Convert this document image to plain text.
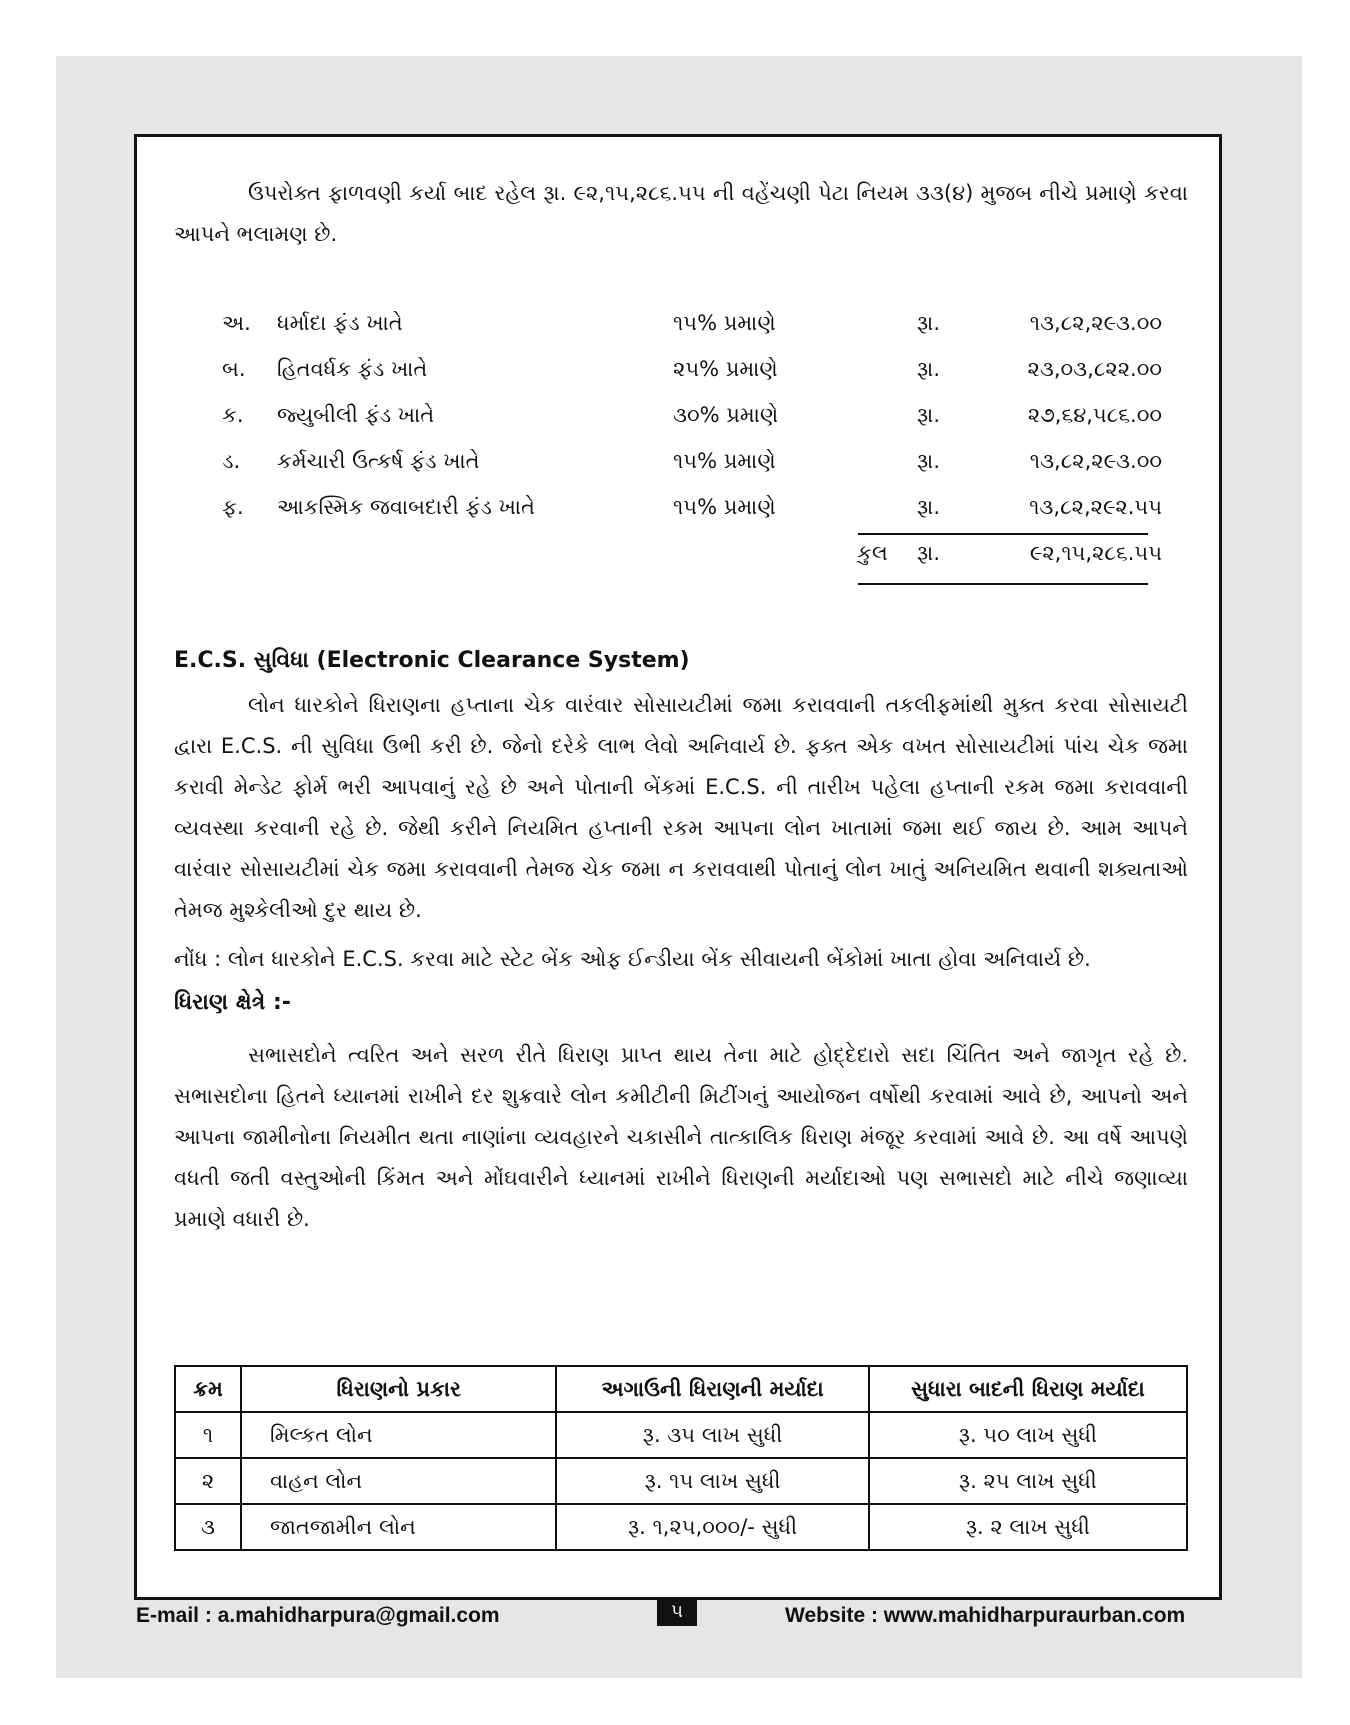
ઉપરોક્ત ફાળવણી કર્યા બાદ રહેલ રૂા. ૯૨,૧૫,૨૮૬.૫૫ ની વહેંચણી પેટા નિયમ ૩૩(૪) મુજબ નીચે પ્રમાણે કરવા આપને ભલામણ છે.

અ. ધર્માદા ફંડ ખાતે	૧૫% પ્રમાણે	રૂા.	૧૩,૮૨,૨૯૩.૦૦
બ. હિતવર્ધક ફંડ ખાતે	૨૫% પ્રમાણે	રૂા.	૨૩,૦૩,૮૨૨.૦૦
ક. જ્યુબીલી ફંડ ખાતે	૩૦% પ્રમાણે	રૂા.	૨૭,૬૪,૫૮૬.૦૦
ડ. કર્મચારી ઉત્કર્ષ ફંડ ખાતે	૧૫% પ્રમાણે	રૂા.	૧૩,૮૨,૨૯૩.૦૦
ફ. આકસ્મિક જવાબદારી ફંડ ખાતે	૧૫% પ્રમાણે	રૂા.	૧૩,૮૨,૨૯૨.૫૫
કુલ રૂા.	૯૨,૧૫,૨૮૬.૫૫
E.C.S. સુવિધા (Electronic Clearance System)

લોન ધારકોને ધિરાણના હપ્તાના ચેક વારંવાર સોસાયટીમાં જમા કરાવવાની તકલીફમાંથી મુક્ત કરવા સોસાયટી દ્વારા E.C.S. ની સુવિધા ઉભી કરી છે. જેનો દરેકે લાભ લેવો અનિવાર્ય છે. ફક્ત એક વખત સોસાયટીમાં પાંચ ચેક જમા કરાવી મેન્ડેટ ફોર્મ ભરી આપવાનું રહે છે અને પોતાની બેંકમાં E.C.S. ની તારીખ પહેલા હપ્તાની રકમ જમા કરાવવાની વ્યવસ્થા કરવાની રહે છે. જેથી કરીને નિયમિત હપ્તાની રકમ આપના લોન ખાતામાં જમા થઈ જાય છે. આમ આપને વારંવાર સોસાયટીમાં ચેક જમા કરાવવાની તેમજ ચેક જમા ન કરાવવાથી પોતાનું લોન ખાતું અનિયમિત થવાની શક્યતાઓ તેમજ મુશ્કેલીઓ દુર થાય છે.

નોંધ : લોન ધારકોને E.C.S. કરવા માટે સ્ટેટ બેંક ઓફ ઈન્ડીયા બેંક સીવાયની બેંકોમાં ખાતા હોવા અનિવાર્ય છે.

ધિરાણ ક્ષેત્રે :-

સભાસદોને ત્વરિત અને સરળ રીતે ધિરાણ પ્રાપ્ત થાય તેના માટે હોદ્દેદારો સદા ચિંતિત અને જાગૃત રહે છે. સભાસદોના હિતને ધ્યાનમાં રાખીને દર શુક્રવારે લોન કમીટીની મિટીંગનું આયોજન વર્ષોથી કરવામાં આવે છે, આપનો અને આપના જામીનોના નિયમીત થતા નાણાંના વ્યવહારને ચકાસીને તાત્કાલિક ધિરાણ મંજૂર કરવામાં આવે છે. આ વર્ષે આપણે વધતી જતી વસ્તુઓની કિંમત અને મોંઘવારીને ધ્યાનમાં રાખીને ધિરાણની મર્યાદાઓ પણ સભાસદો માટે નીચે જણાવ્યા પ્રમાણે વધારી છે.

ક્રમ	ધિરાણનો પ્રકાર	અગાઉની ધિરાણની મર્યાદા	સુધારા બાદની ધિરાણ મર્યાદા
૧	મિલ્કત લોન	રૂ. ૩૫ લાખ સુધી	રૂ. ૫૦ લાખ સુધી
૨	વાહન લોન	રૂ. ૧૫ લાખ સુધી	રૂ. ૨૫ લાખ સુધી
૩	જાતજામીન લોન	રૂ. ૧,૨૫,૦૦૦/- સુધી	રૂ. ૨ લાખ સુધી
E-mail : a.mahidharpura@gmail.com	૫	Website : www.mahidharpuraurban.com
